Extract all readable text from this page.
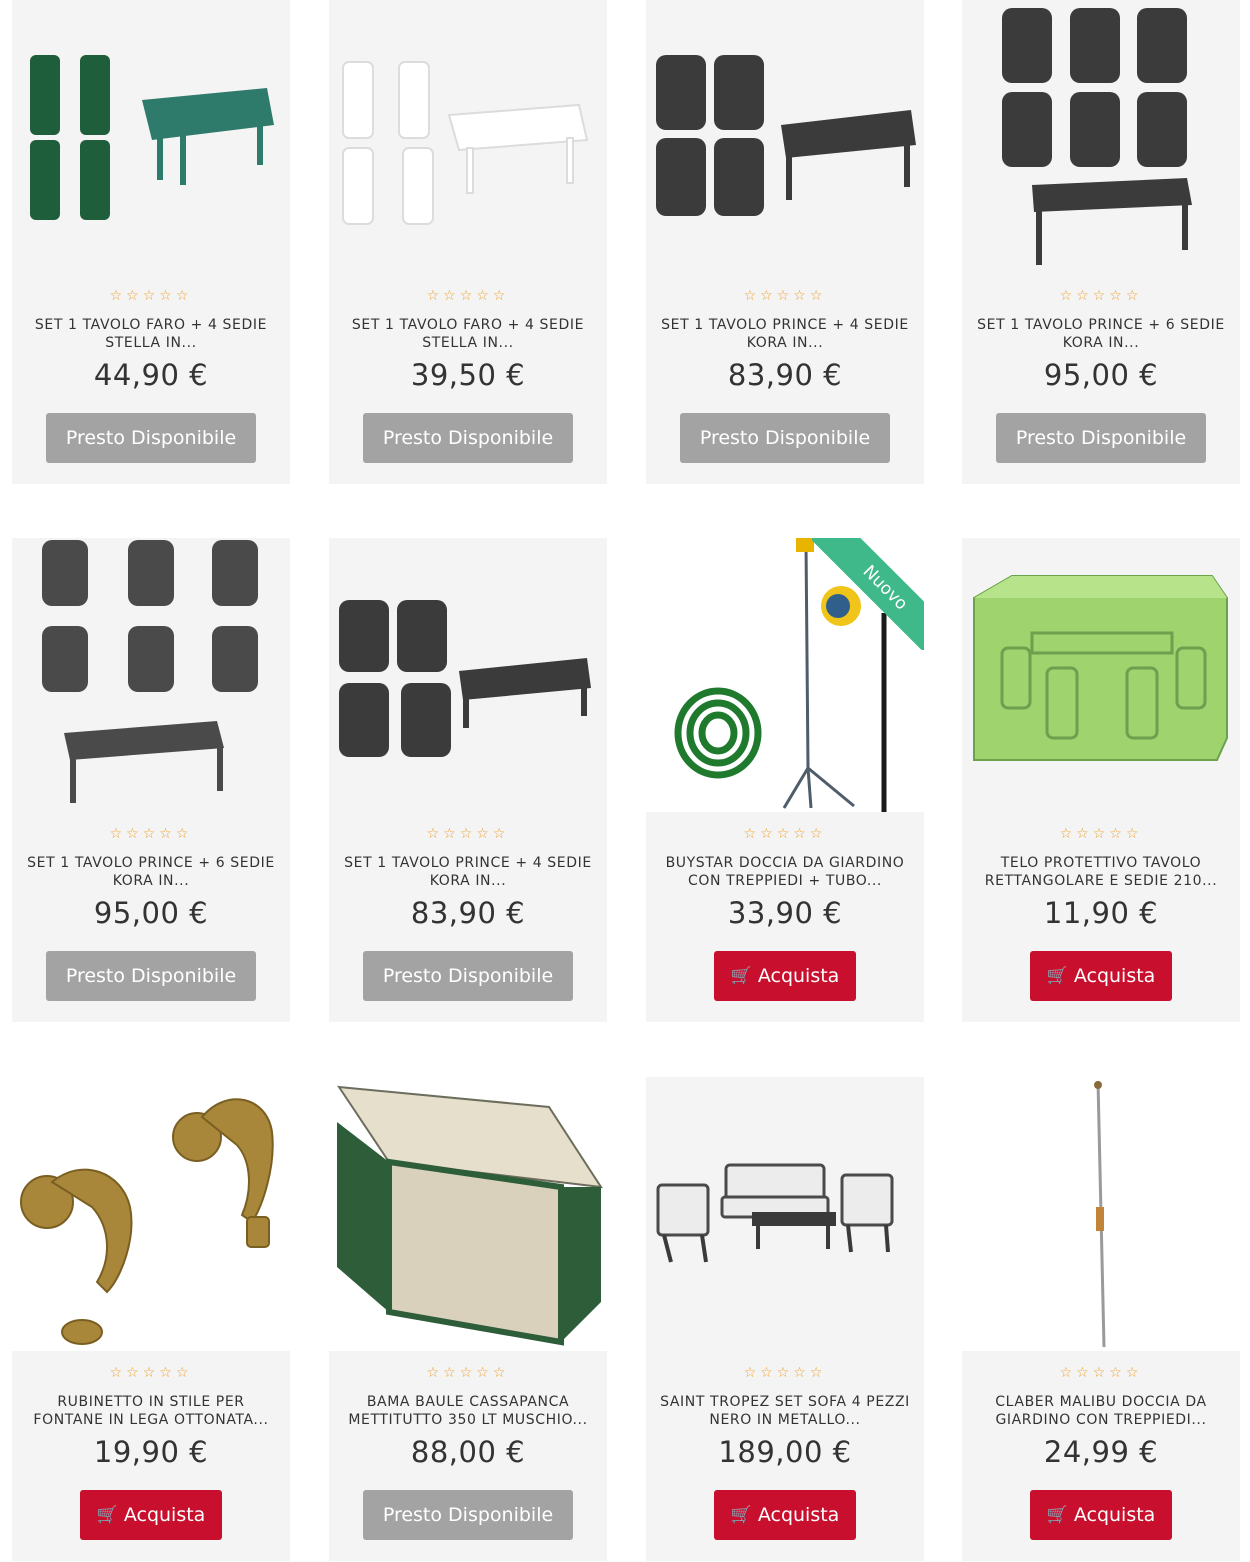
☆☆☆☆☆
SET 1 TAVOLO FARO + 4 SEDIE
STELLA IN...
44,90 €
Presto Disponibile
☆☆☆☆☆
SET 1 TAVOLO FARO + 4 SEDIE
STELLA IN...
39,50 €
Presto Disponibile
☆☆☆☆☆
SET 1 TAVOLO PRINCE + 4 SEDIE
KORA IN...
83,90 €
Presto Disponibile
☆☆☆☆☆
SET 1 TAVOLO PRINCE + 6 SEDIE
KORA IN...
95,00 €
Presto Disponibile
☆☆☆☆☆
SET 1 TAVOLO PRINCE + 6 SEDIE
KORA IN...
95,00 €
Presto Disponibile
☆☆☆☆☆
SET 1 TAVOLO PRINCE + 4 SEDIE
KORA IN...
83,90 €
Presto Disponibile
Nuovo
☆☆☆☆☆
BUYSTAR DOCCIA DA GIARDINO
CON TREPPIEDI + TUBO...
33,90 €
🛒 Acquista
☆☆☆☆☆
TELO PROTETTIVO TAVOLO
RETTANGOLARE E SEDIE 210...
11,90 €
🛒 Acquista
☆☆☆☆☆
RUBINETTO IN STILE PER
FONTANE IN LEGA OTTONATA...
19,90 €
🛒 Acquista
☆☆☆☆☆
BAMA BAULE CASSAPANCA
METTITUTTO 350 LT MUSCHIO...
88,00 €
Presto Disponibile
☆☆☆☆☆
SAINT TROPEZ SET SOFA 4 PEZZI
NERO IN METALLO...
189,00 €
🛒 Acquista
☆☆☆☆☆
CLABER MALIBU DOCCIA DA
GIARDINO CON TREPPIEDI...
24,99 €
🛒 Acquista
